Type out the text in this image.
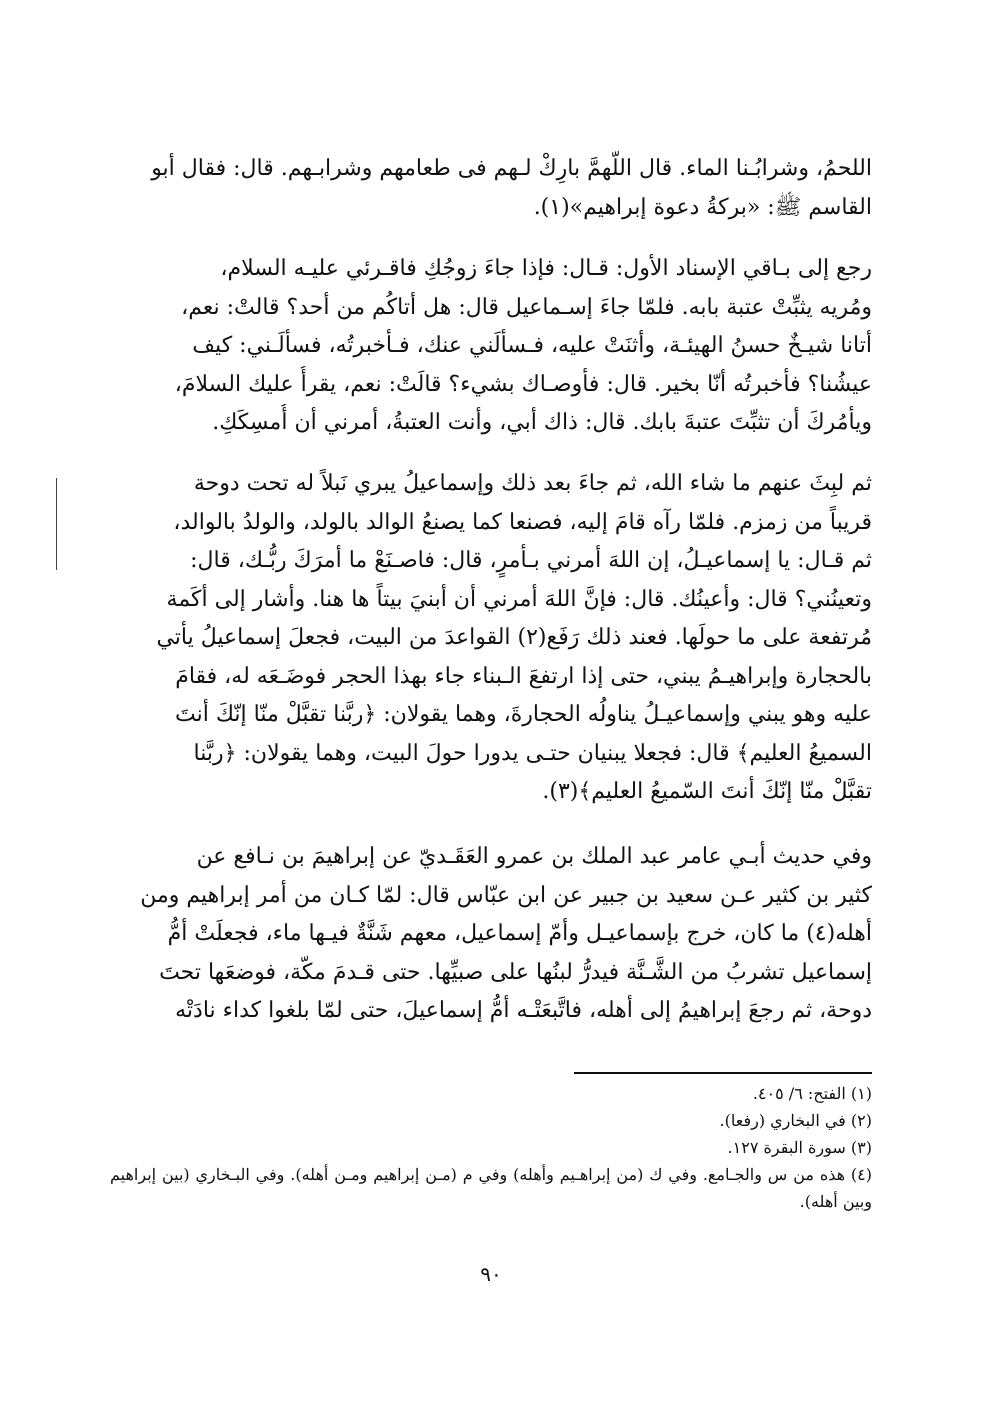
اللحمُ، وشرابُـنا الماء. قال اللّهمَّ بارِكْ لـهم فى طعامهم وشرابـهم. قال: فقال أبو
القاسم ﷺ: «بركةُ دعوة إبراهيم»(١).
رجع إلى بـاقي الإسناد الأول: قـال: فإذا جاءَ زوجُكِ فاقـرئي عليـه السلام،
ومُريه يثبِّتْ عتبة بابه. فلمّا جاءَ إسـماعيل قال: هل أتاكُم من أحد؟ قالتْ: نعم،
أتانا شيـخٌ حسنُ الهيئـة، وأثنَتْ عليه، فـسألَني عنك، فـأخبرتُه، فسألَـني: كيف
عيشُنا؟ فأخبرتُه أنّا بخير. قال: فأوصـاك بشيء؟ قالَتْ: نعم، يقرأُ عليك السلامَ،
ويأمُركَ أن تثبِّتَ عتبةَ بابك. قال: ذاك أبي، وأنت العتبةُ، أمرني أن أُمسِكَكِ.
ثم لبِثَ عنهم ما شاء الله، ثم جاءَ بعد ذلك وإسماعيلُ يبري نَبلاً له تحت دوحة
قريباً من زمزم. فلمّا رآه قامَ إليه، فصنعا كما يصنعُ الوالد بالولد، والولدُ بالوالد،
ثم قـال: يا إسماعيـلُ، إن اللهَ أمرني بـأمرٍ، قال: فاصـنَعْ ما أمرَكَ ربُّـك، قال:
وتعينُني؟ قال: وأعينُك. قال: فإنَّ اللهَ أمرني أن أبنيَ بيتاً ها هنا. وأشار إلى أكَمة
مُرتفعة على ما حولَها. فعند ذلك رَفَع(٢) القواعدَ من البيت، فجعلَ إسماعيلُ يأتي
بالحجارة وإبراهيـمُ يبني، حتى إذا ارتفعَ الـبناء جاء بهذا الحجر فوضَـعَه له، فقامَ
عليه وهو يبني وإسماعيـلُ يناولُه الحجارةَ، وهما يقولان: ﴿ربَّنا تقبَّلْ منّا إنّكَ أنتَ
السميعُ العليم﴾ قال: فجعلا يبنيان حتـى يدورا حولَ البيت، وهما يقولان: ﴿ربَّنا
تقبَّلْ منّا إنّكَ أنتَ السّميعُ العليم﴾(٣).
وفي حديث أبـي عامر عبد الملك بن عمرو العَقَـديّ عن إبراهيمَ بن نـافع عن
كثير بن كثير عـن سعيد بن جبير عن ابن عبّاس قال: لمّا كـان من أمر إبراهيم ومن
أهله(٤) ما كان، خرج بإسماعيـل وأمّ إسماعيل، معهم شَنَّةٌ فيـها ماء، فجعلَتْ أمُّ
إسماعيل تشربُ من الشَّـنَّة فيدرُّ لبنُها على صبيِّها. حتى قـدمَ مكّة، فوضعَها تحتَ
دوحة، ثم رجعَ إبراهيمُ إلى أهله، فاتَّبعَتْـه أمُّ إسماعيلَ، حتى لمّا بلغوا كداء نادَتْه
(١) الفتح: ٦/ ٤٠٥.
(٢) في البخاري (رفعا).
(٣) سورة البقرة ١٢٧.
(٤) هذه من س والجـامع. وفي ك (من إبراهـيم وأهله) وفي م (مـن إبراهيم ومـن أهله). وفي البـخاري (بين إبراهيم وبين أهله).
٩٠
